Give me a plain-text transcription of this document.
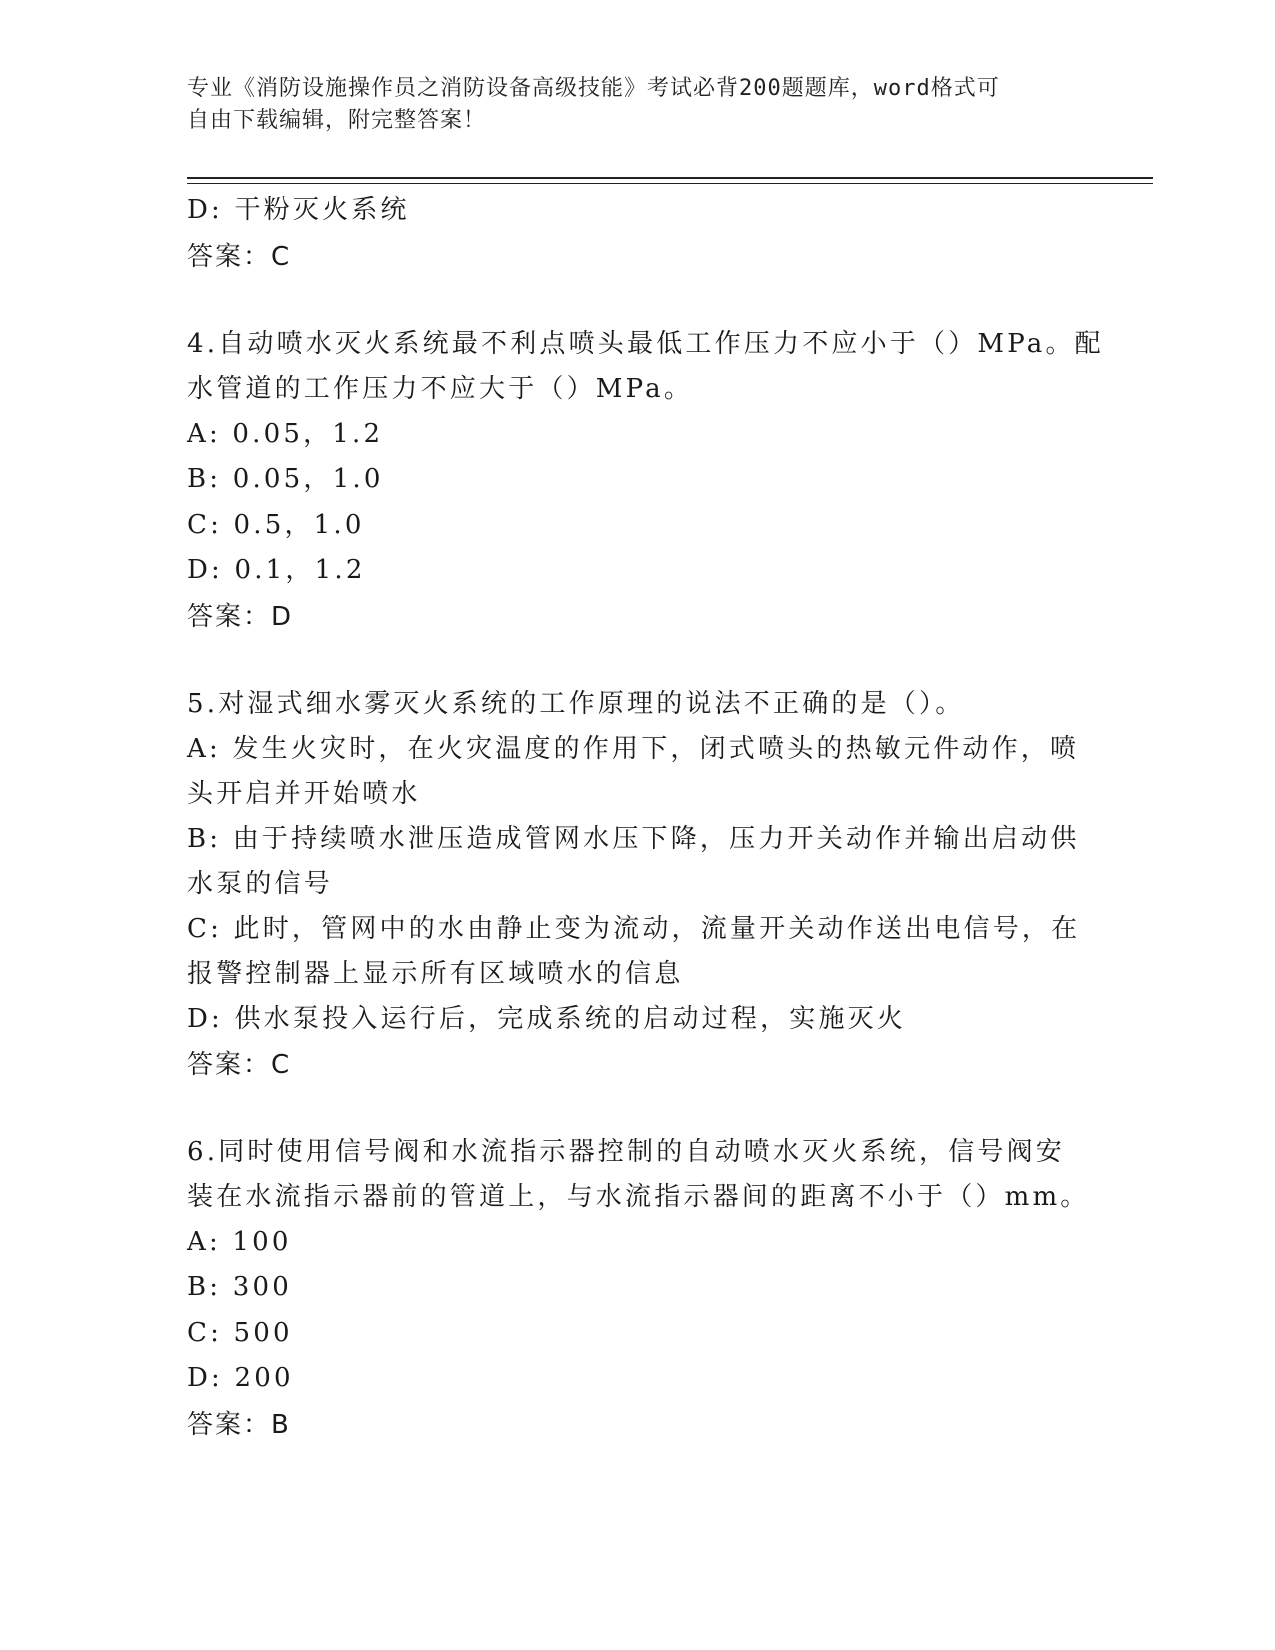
专业《消防设施操作员之消防设备高级技能》考试必背200题题库，word格式可
自由下载编辑，附完整答案！
D: 干粉灭火系统
答案：C
4.自动喷水灭火系统最不利点喷头最低工作压力不应小于（）MPa。配
水管道的工作压力不应大于（）MPa。
A: 0.05，1.2
B: 0.05，1.0
C: 0.5，1.0
D: 0.1，1.2
答案：D
5.对湿式细水雾灭火系统的工作原理的说法不正确的是（）。
A: 发生火灾时，在火灾温度的作用下，闭式喷头的热敏元件动作，喷
头开启并开始喷水
B: 由于持续喷水泄压造成管网水压下降，压力开关动作并输出启动供
水泵的信号
C: 此时，管网中的水由静止变为流动，流量开关动作送出电信号，在
报警控制器上显示所有区域喷水的信息
D: 供水泵投入运行后，完成系统的启动过程，实施灭火
答案：C
6.同时使用信号阀和水流指示器控制的自动喷水灭火系统，信号阀安
装在水流指示器前的管道上，与水流指示器间的距离不小于（）mm。
A: 100
B: 300
C: 500
D: 200
答案：B
